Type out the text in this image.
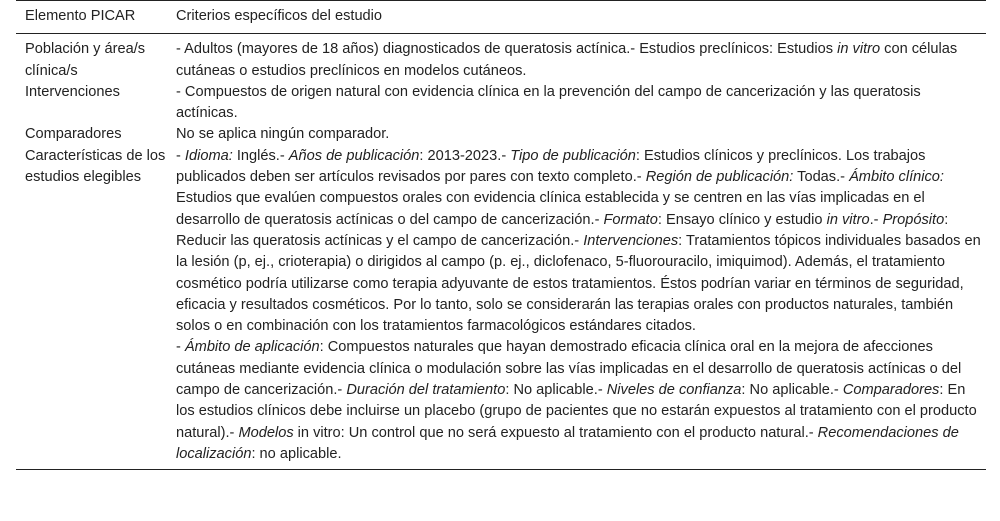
Elemento PICAR	Criterios específicos del estudio
Población y área/s clínica/s	- Adultos (mayores de 18 años) diagnosticados de queratosis actínica.- Estudios preclínicos: Estudios in vitro con células cutáneas o estudios preclínicos en modelos cutáneos.
Intervenciones	- Compuestos de origen natural con evidencia clínica en la prevención del campo de cancerización y las queratosis actínicas.
Comparadores	No se aplica ningún comparador.
Características de los estudios elegibles	- Idioma: Inglés.- Años de publicación: 2013-2023.- Tipo de publicación: Estudios clínicos y preclínicos. Los trabajos publicados deben ser artículos revisados por pares con texto completo.- Región de publicación: Todas.- Ámbito clínico: Estudios que evalúen compuestos orales con evidencia clínica establecida y se centren en las vías implicadas en el desarrollo de queratosis actínicas o del campo de cancerización.- Formato: Ensayo clínico y estudio in vitro.- Propósito: Reducir las queratosis actínicas y el campo de cancerización.- Intervenciones: Tratamientos tópicos individuales basados en la lesión (p, ej., crioterapia) o dirigidos al campo (p. ej., diclofenaco, 5-fluorouracilo, imiquimod). Además, el tratamiento cosmético podría utilizarse como terapia adyuvante de estos tratamientos. Éstos podrían variar en términos de seguridad, eficacia y resultados cosméticos. Por lo tanto, solo se considerarán las terapias orales con productos naturales, también solos o en combinación con los tratamientos farmacológicos estándares citados.
	- Ámbito de aplicación: Compuestos naturales que hayan demostrado eficacia clínica oral en la mejora de afecciones cutáneas mediante evidencia clínica o modulación sobre las vías implicadas en el desarrollo de queratosis actínicas o del campo de cancerización.- Duración del tratamiento: No aplicable.- Niveles de confianza: No aplicable.- Comparadores: En los estudios clínicos debe incluirse un placebo (grupo de pacientes que no estarán expuestos al tratamiento con el producto natural).- Modelos in vitro: Un control que no será expuesto al tratamiento con el producto natural.- Recomendaciones de localización: no aplicable.
